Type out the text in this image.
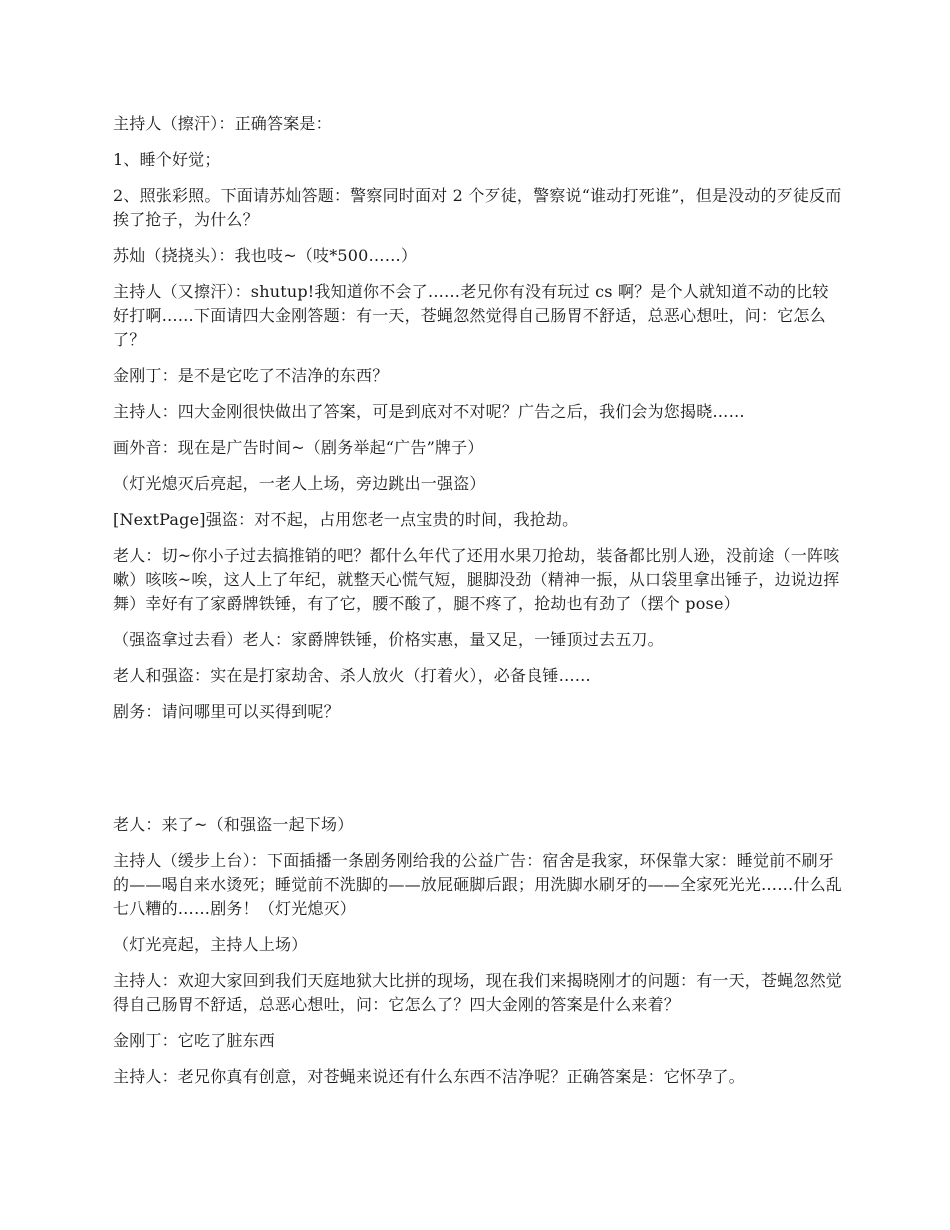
主持人（擦汗）：正确答案是：

1、睡个好觉；

2、照张彩照。下面请苏灿答题：警察同时面对 2 个歹徒，警察说“谁动打死谁”，但是没动的歹徒反而挨了抢子，为什么？

苏灿（挠挠头）：我也吱~（吱*500……）

主持人（又擦汗）：shutup!我知道你不会了……老兄你有没有玩过 cs 啊？是个人就知道不动的比较好打啊……下面请四大金刚答题：有一天，苍蝇忽然觉得自己肠胃不舒适，总恶心想吐，问：它怎么了？

金刚丁：是不是它吃了不洁净的东西？

主持人：四大金刚很快做出了答案，可是到底对不对呢？广告之后，我们会为您揭晓……

画外音：现在是广告时间~（剧务举起“广告”牌子）

（灯光熄灭后亮起，一老人上场，旁边跳出一强盗）

[NextPage]强盗：对不起，占用您老一点宝贵的时间，我抢劫。

老人：切~你小子过去搞推销的吧？都什么年代了还用水果刀抢劫，装备都比别人逊，没前途（一阵咳嗽）咳咳~唉，这人上了年纪，就整天心慌气短，腿脚没劲（精神一振，从口袋里拿出锤子，边说边挥舞）幸好有了家爵牌铁锤，有了它，腰不酸了，腿不疼了，抢劫也有劲了（摆个 pose）

（强盗拿过去看）老人：家爵牌铁锤，价格实惠，量又足，一锤顶过去五刀。

老人和强盗：实在是打家劫舍、杀人放火（打着火），必备良锤……

剧务：请问哪里可以买得到呢？

老人：来了~（和强盗一起下场）

主持人（缓步上台）：下面插播一条剧务刚给我的公益广告：宿舍是我家，环保靠大家：睡觉前不刷牙的——喝自来水烫死；睡觉前不洗脚的——放屁砸脚后跟；用洗脚水刷牙的——全家死光光……什么乱七八糟的……剧务！（灯光熄灭）

（灯光亮起，主持人上场）

主持人：欢迎大家回到我们天庭地狱大比拼的现场，现在我们来揭晓刚才的问题：有一天，苍蝇忽然觉得自己肠胃不舒适，总恶心想吐，问：它怎么了？四大金刚的答案是什么来着？

金刚丁：它吃了脏东西

主持人：老兄你真有创意，对苍蝇来说还有什么东西不洁净呢？正确答案是：它怀孕了。
